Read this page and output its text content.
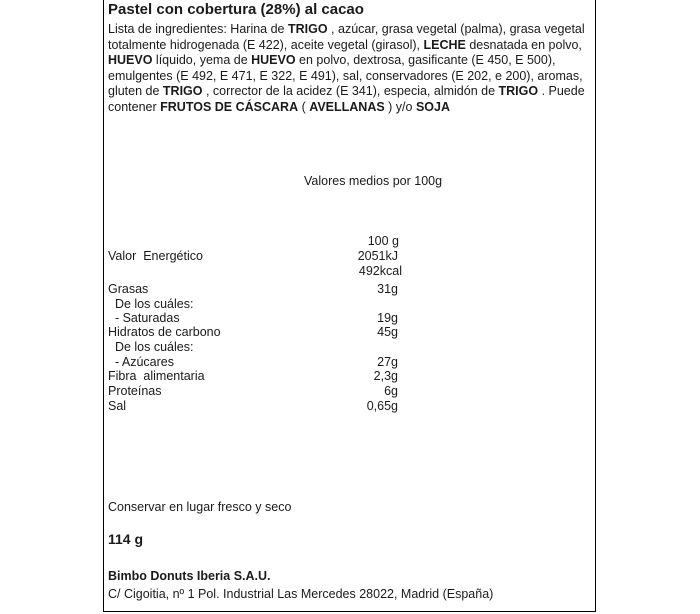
Pastel con cobertura (28%) al cacao
Lista de ingredientes: Harina de TRIGO , azúcar, grasa vegetal (palma), grasa vegetal totalmente hidrogenada (E 422), aceite vegetal (girasol), LECHE desnatada en polvo, HUEVO líquido, yema de HUEVO en polvo, dextrosa, gasificante (E 450, E 500), emulgentes (E 492, E 471, E 322, E 491), sal, conservadores (E 202, e 200), aromas, gluten de TRIGO , corrector de la acidez (E 341), especia, almidón de TRIGO . Puede contener FRUTOS DE CÁSCARA ( AVELLANAS ) y/o SOJA
Valores medios por 100g
100 g
Valor  Energético	2051kJ
492kcal
Grasas	31g
De los cuáles:
- Saturadas	19g
Hidratos de carbono	45g
De los cuáles:
- Azúcares	27g
Fibra  alimentaria	2,3g
Proteínas	6g
Sal	0,65g
Conservar en lugar fresco y seco
114 g
Bimbo Donuts Iberia S.A.U.
C/ Cigoitia, nº 1 Pol. Industrial Las Mercedes 28022, Madrid (España)
